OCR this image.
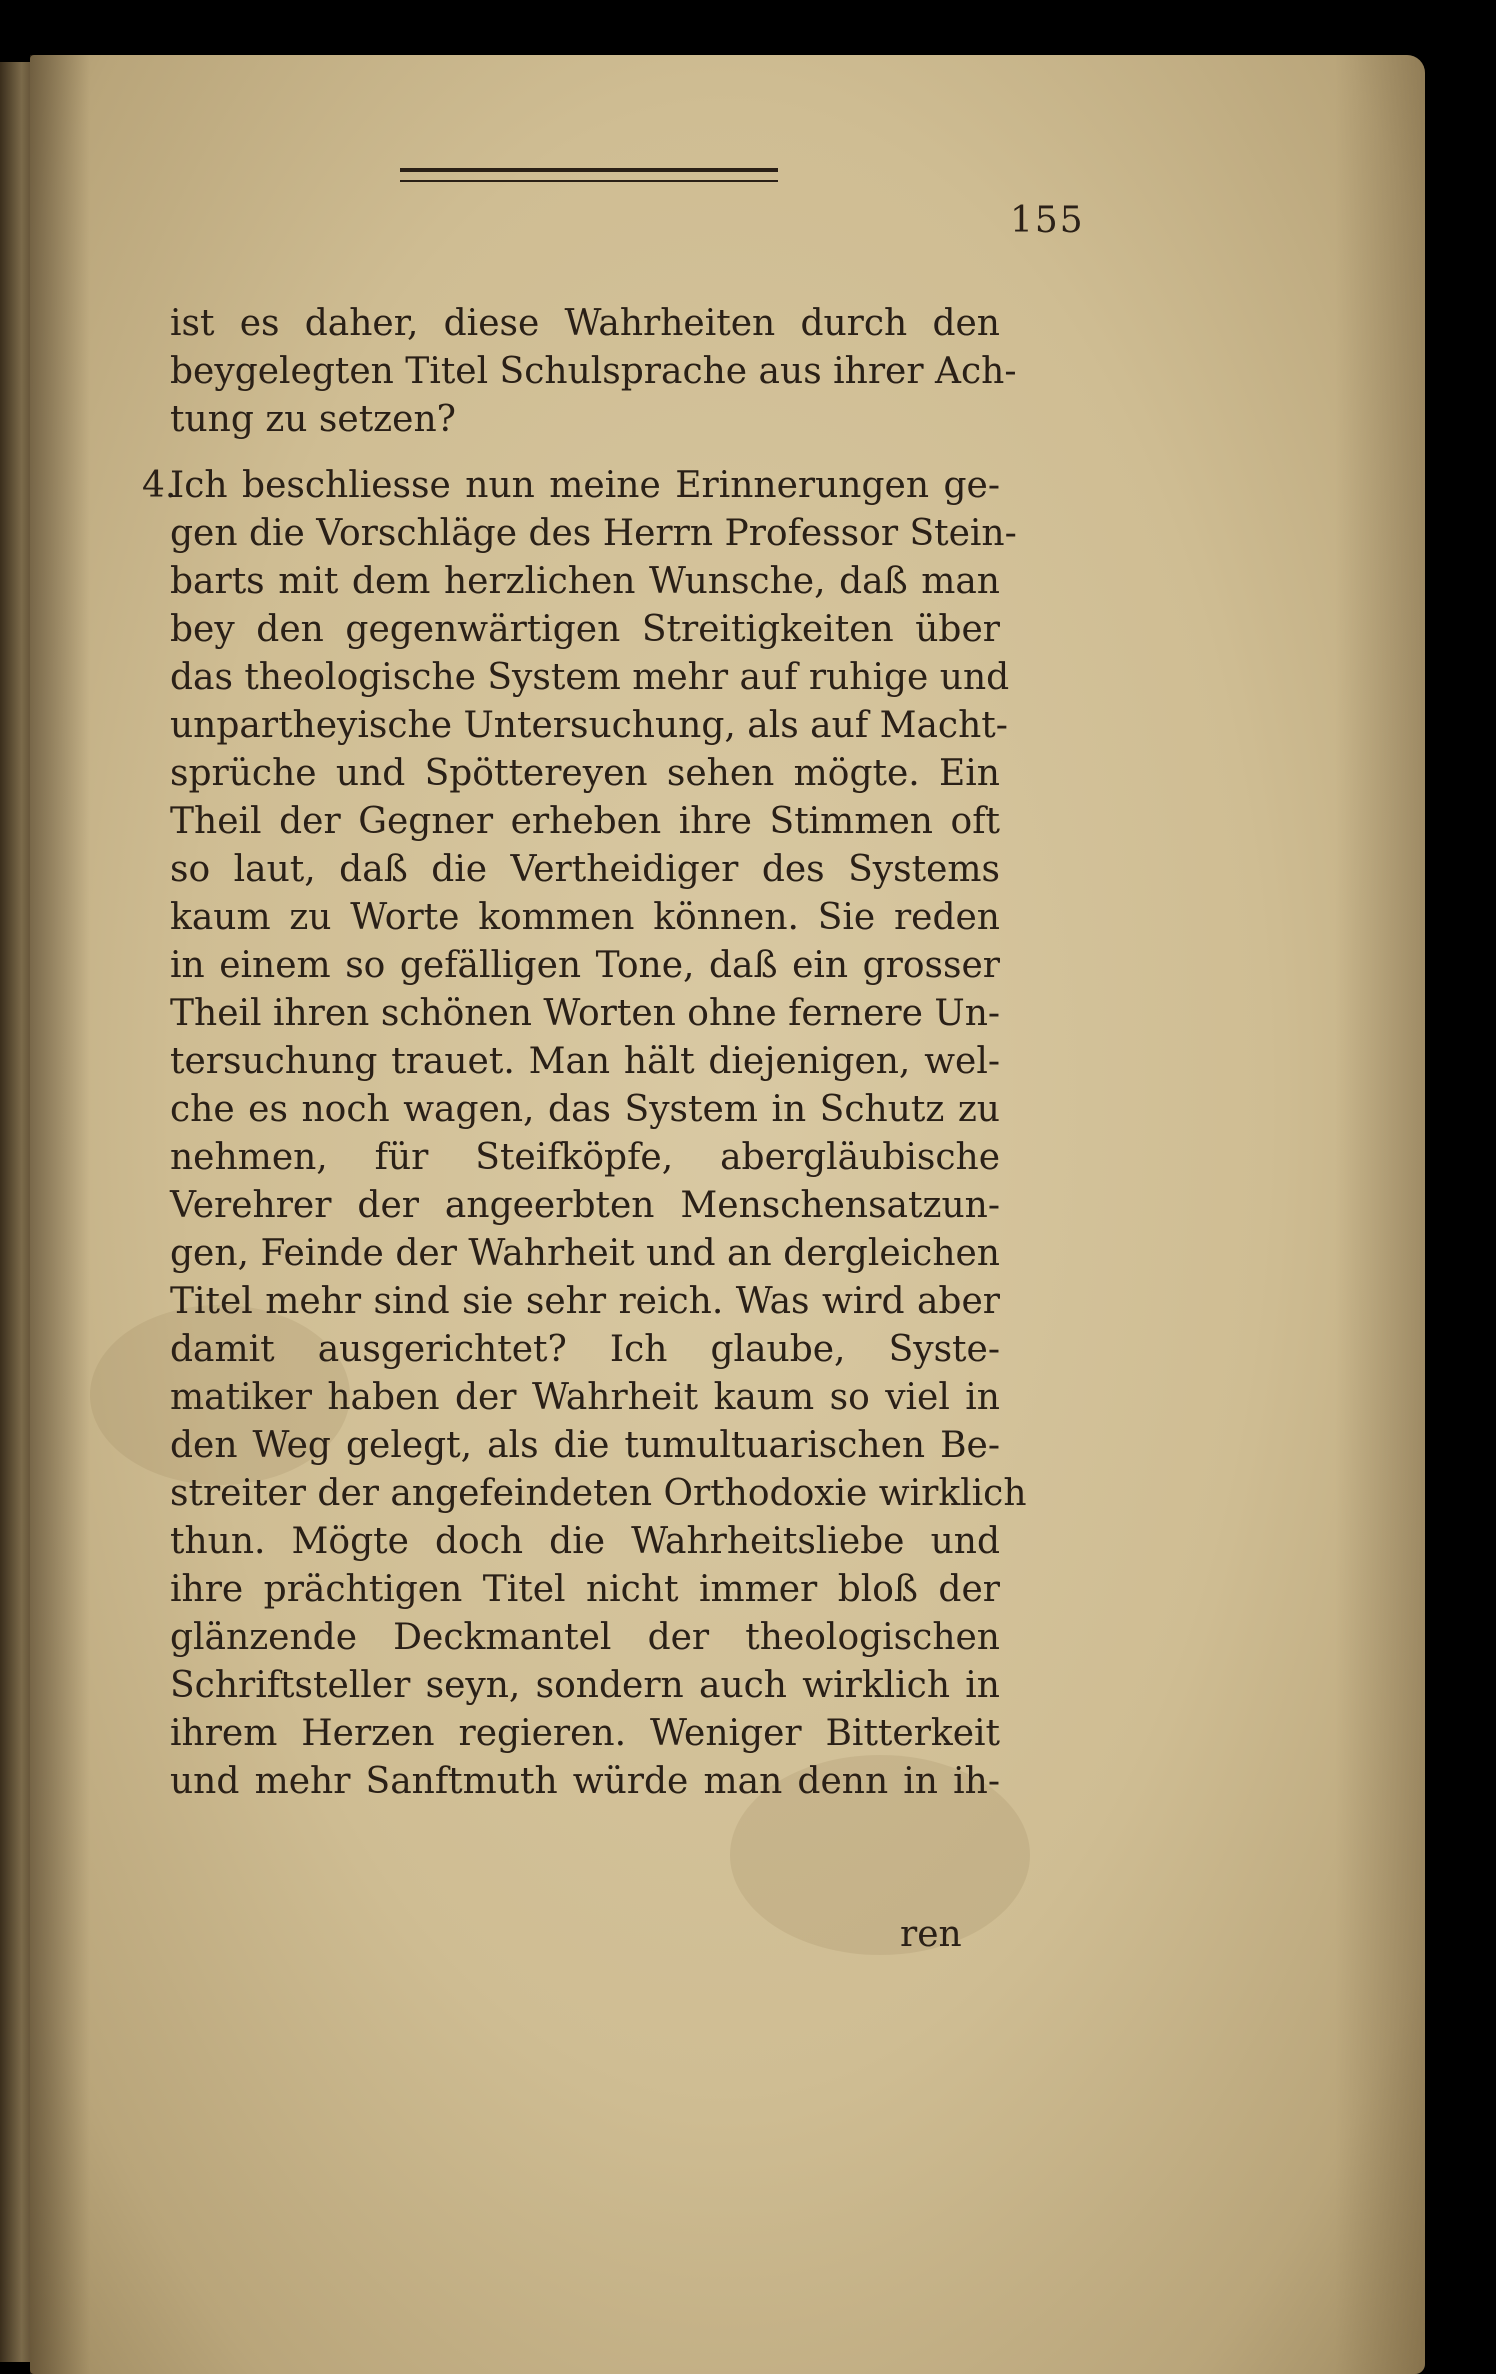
155
ist es daher, diese Wahrheiten durch den
beygelegten Titel Schulsprache aus ihrer Ach-
tung zu setzen?
4.
Ich beschliesse nun meine Erinnerungen ge-
gen die Vorschläge des Herrn Professor Stein-
barts mit dem herzlichen Wunsche, daß man
bey den gegenwärtigen Streitigkeiten über
das theologische System mehr auf ruhige und
unpartheyische Untersuchung, als auf Macht-
sprüche und Spöttereyen sehen mögte. Ein
Theil der Gegner erheben ihre Stimmen oft
so laut, daß die Vertheidiger des Systems
kaum zu Worte kommen können. Sie reden
in einem so gefälligen Tone, daß ein grosser
Theil ihren schönen Worten ohne fernere Un-
tersuchung trauet. Man hält diejenigen, wel-
che es noch wagen, das System in Schutz zu
nehmen, für Steifköpfe, abergläubische
Verehrer der angeerbten Menschensatzun-
gen, Feinde der Wahrheit und an dergleichen
Titel mehr sind sie sehr reich. Was wird aber
damit ausgerichtet? Ich glaube, Syste-
matiker haben der Wahrheit kaum so viel in
den Weg gelegt, als die tumultuarischen Be-
streiter der angefeindeten Orthodoxie wirklich
thun. Mögte doch die Wahrheitsliebe und
ihre prächtigen Titel nicht immer bloß der
glänzende Deckmantel der theologischen
Schriftsteller seyn, sondern auch wirklich in
ihrem Herzen regieren. Weniger Bitterkeit
und mehr Sanftmuth würde man denn in ih-
ren
